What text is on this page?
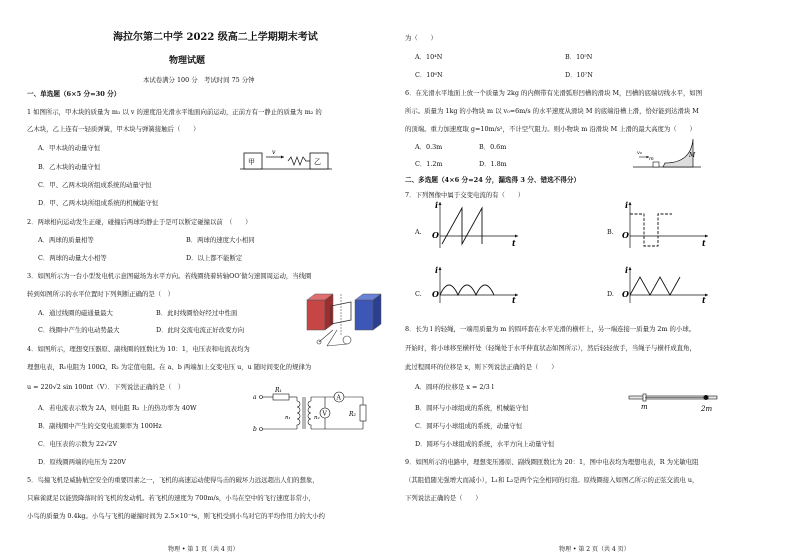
海拉尔第二中学 2022 级高二上学期期末考试
物理试题
本试卷满分 100 分　考试时间 75 分钟
一、单选题（6×5 分=30 分）
1 如图所示，甲木块的质量为 m₁ 以 v 的速度沿光滑水平地面向前运动，正前方有一静止的质量为 m₂ 的
乙木块，乙上连有一轻质弹簧，甲木块与弹簧接触后（　　）
A．甲木块的动量守恒
B．乙木块的动量守恒
C．甲、乙两木块所组成系统的动量守恒
D．甲、乙两木块所组成系统的机械能守恒
甲
v
乙
2．两球相向运动发生正碰，碰撞后两球均静止于是可以断定碰撞以前　（　　）
A．两球的质量相等	B．两球的速度大小相同
C．两球的动量大小相等	D．以上都不能断定
3．如图所示为一台小型发电机示意图磁场为水平方向。若线圈绕着转轴OO′做匀速圆周运动，当线圈
转到如图所示的水平位置时下列判断正确的是（　）
A．通过线圈的磁通量最大	B．此时线圈恰好经过中性面
C．线圈中产生的电动势最大	D．此时交流电流正好改变方向
4．如图所示，理想变压器原、副线圈的匝数比为 10：1，电压表和电流表均为
理想电表，R₁电阻为 100Ω，R₂ 为定值电阻。在 a、b 两端加上交变电压 u，u 随时间变化的规律为
u = 220√2 sin 100πt（V）．下列说法正确的是（　）
A．若电流表示数为 2A，则电阻 R₂ 上的热功率为 40W
B．副线圈中产生的交变电流频率为 100Hz
C．电压表的示数为 22√2V
D．原线圈两端的电压为 220V
a
b
R₁
n₁	n₂
A
V	R₂
5．鸟撞飞机是威胁航空安全的重要因素之一，飞机的高速运动使得鸟击的破坏力远远超出人们的想象，
只麻雀就足以能毁降落时的飞机的发动机。若飞机的速度为 700m/s，小鸟在空中的飞行速度非常小，
小鸟的质量为 0.4kg。小鸟与飞机的碰撞时间为 2.5×10⁻⁴s，则飞机受到小鸟对它的平均作用力的大小约
物理 • 第 1 页（共 4 页）
为（　　）
A．10⁴N	B．10⁵N
C．10⁶N	D．10⁷N
6．在光滑水平地面上放一个质量为 2kg 的内侧带有光滑弧形凹槽的滑块 M，凹槽的底端切线水平，如图
所示。质量为 1kg 的小物块 m 以 v₀=6m/s 的水平速度从滑块 M 的底端沿槽上滑，恰好能到达滑块 M
的顶端。重力加速度取 g=10m/s²，不计空气阻力。则小物块 m 沿滑块 M 上滑的最大高度为（　　）
A．0.3m	B．0.6m
C．1.2m	D．1.8m
M
m
v₀
二、多选题（4×6 分=24 分，漏选得 3 分、错选不得分）
7．下列图像中属于交变电流的有（　　）
A.	B.
C.	D.
i
O
t
i
O
t
i
O
t
i
O
t
8．长为 l 的轻绳，一端用质量为 m 的圆环套在水平光滑的横杆上，另一端连接一质量为 2m 的小球。
开始时，将小球移至横杆处（轻绳处于水平伸直状态如图所示），然后轻轻放手，当绳子与横杆成直角，
此过程圆环的位移是 x，则下列说法正确的是（　　）
A．圆环的位移是 x = 2/3 l
B．圆环与小球组成的系统，机械能守恒
C．圆环与小球组成的系统，动量守恒
D．圆环与小球组成的系统，水平方向上动量守恒
m	2m
9．如图所示的电路中，理想变压器原、副线圈匝数比为 20：1，图中电表均为理想电表，R 为光敏电阻
（其阻值随光强增大而减小），L₁和 L₂是两个完全相同的灯泡。原线圈接入如图乙所示的正弦交流电 u，
下列说法正确的是（　　）
物理 • 第 2 页（共 4 页）
